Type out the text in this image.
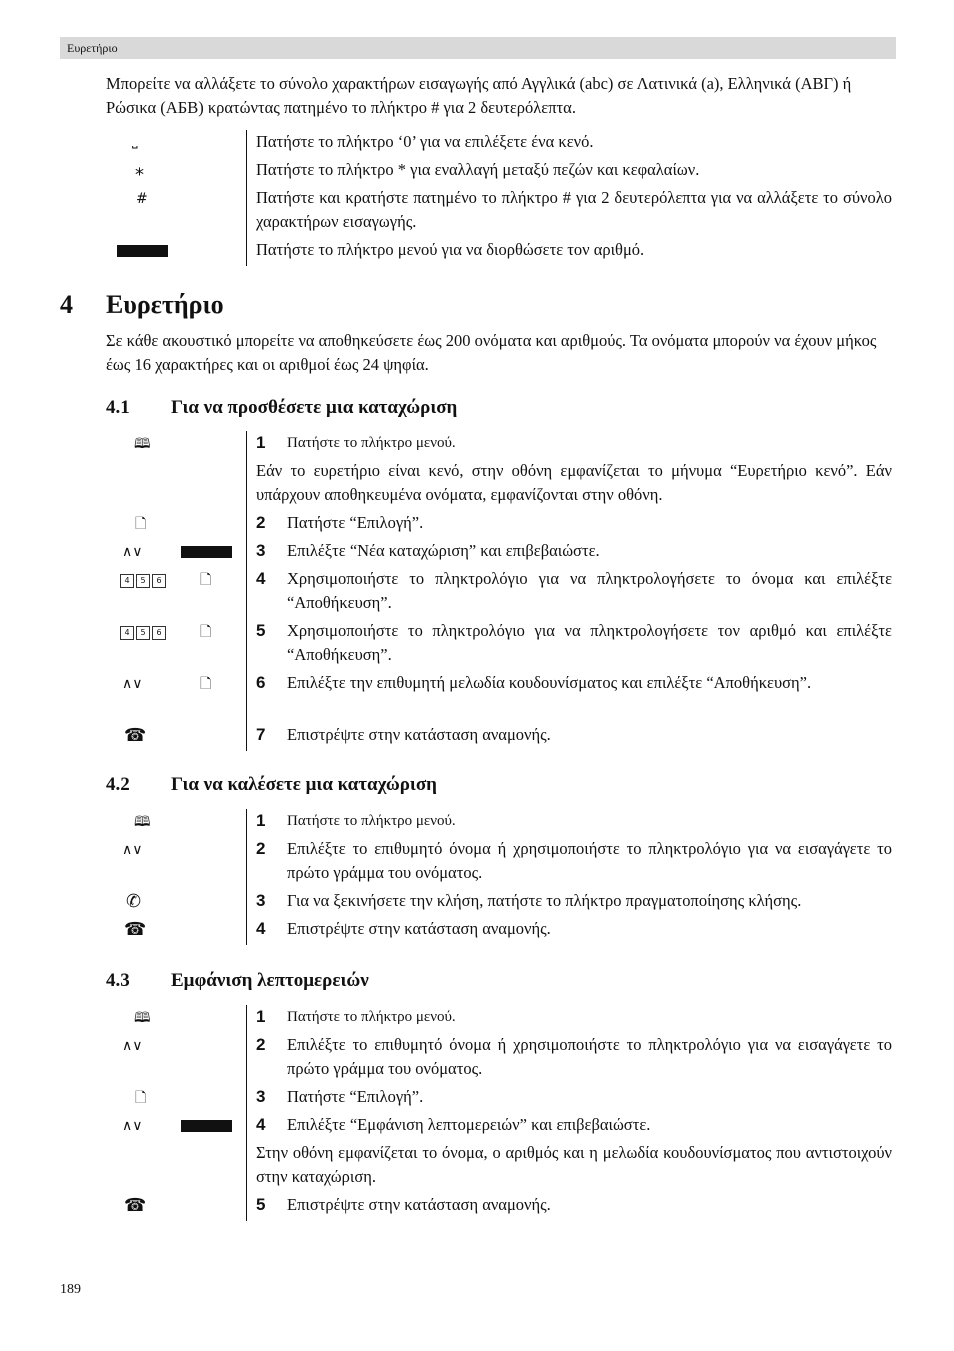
Ευρετήριο
Μπορείτε να αλλάξετε το σύνολο χαρακτήρων εισαγωγής από Αγγλικά (abc) σε Λατινικά (a), Ελληνικά (ΑΒΓ) ή Ρώσικα (АБВ) κρατώντας πατημένο το πλήκτρο # για 2 δευτερόλεπτα.
⎵	Πατήστε το πλήκτρο ‘0’ για να επιλέξετε ένα κενό.
⁎	Πατήστε το πλήκτρο * για εναλλαγή μεταξύ πεζών και κεφαλαίων.
#	Πατήστε και κρατήστε πατημένο το πλήκτρο # για 2 δευτερόλεπτα για να αλλάξετε το σύνολο χαρακτήρων εισαγωγής.
Πατήστε το πλήκτρο μενού για να διορθώσετε τον αριθμό.
4 Ευρετήριο
Σε κάθε ακουστικό μπορείτε να αποθηκεύσετε έως 200 ονόματα και αριθμούς. Τα ονόματα μπορούν να έχουν μήκος έως 16 χαρακτήρες και οι αριθμοί έως 24 ψηφία.
4.1 Για να προσθέσετε μια καταχώριση
🕮	1	Πατήστε το πλήκτρο μενού.
Εάν το ευρετήριο είναι κενό, στην οθόνη εμφανίζεται το μήνυμα “Ευρετήριο κενό”. Εάν υπάρχουν αποθηκευμένα ονόματα, εμφανίζονται στην οθόνη.
🗋	2	Πατήστε “Επιλογή”.
∧∨	3	Επιλέξτε “Νέα καταχώριση” και επιβεβαιώστε.
4	5	6	🗋	4	Χρησιμοποιήστε το πληκτρολόγιο για να πληκτρολογήσετε το όνομα και επιλέξτε “Αποθήκευση”.
4	5	6	🗋	5	Χρησιμοποιήστε το πληκτρολόγιο για να πληκτρολογήσετε τον αριθμό και επιλέξτε “Αποθήκευση”.
∧∨	🗋	6	Επιλέξτε την επιθυμητή μελωδία κουδουνίσματος και επιλέξτε “Αποθήκευση”.
☎	7	Επιστρέψτε στην κατάσταση αναμονής.
4.2 Για να καλέσετε μια καταχώριση
🕮	1	Πατήστε το πλήκτρο μενού.
∧∨	2	Επιλέξτε το επιθυμητό όνομα ή χρησιμοποιήστε το πληκτρολόγιο για να εισαγάγετε το πρώτο γράμμα του ονόματος.
✆	3	Για να ξεκινήσετε την κλήση, πατήστε το πλήκτρο πραγματοποίησης κλήσης.
☎	4	Επιστρέψτε στην κατάσταση αναμονής.
4.3 Εμφάνιση λεπτομερειών
🕮	1	Πατήστε το πλήκτρο μενού.
∧∨	2	Επιλέξτε το επιθυμητό όνομα ή χρησιμοποιήστε το πληκτρολόγιο για να εισαγάγετε το πρώτο γράμμα του ονόματος.
🗋	3	Πατήστε “Επιλογή”.
∧∨	4	Επιλέξτε “Εμφάνιση λεπτομερειών” και επιβεβαιώστε.
Στην οθόνη εμφανίζεται το όνομα, ο αριθμός και η μελωδία κουδουνίσματος που αντιστοιχούν στην καταχώριση.
☎	5	Επιστρέψτε στην κατάσταση αναμονής.
189
